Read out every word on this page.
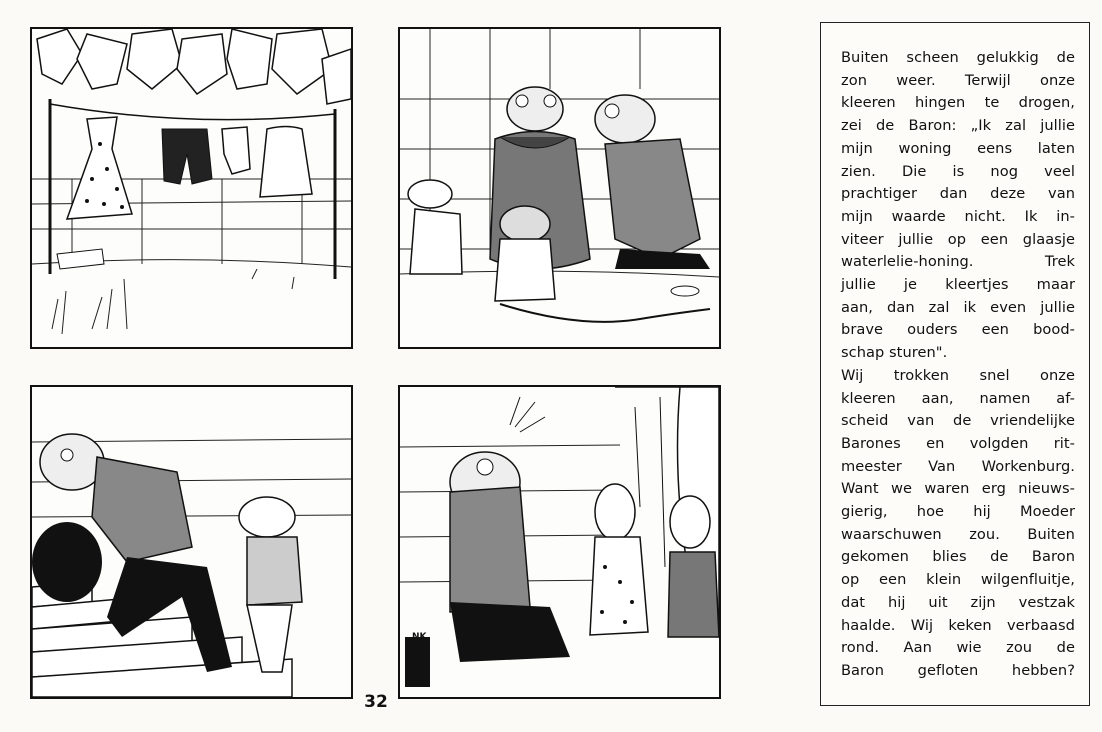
NK
32
Buiten scheen gelukkig de
zon weer. Terwijl onze
kleeren hingen te drogen,
zei de Baron: „Ik zal jullie
mijn woning eens laten
zien. Die is nog veel
prachtiger dan deze van
mijn waarde nicht. Ik in-
viteer jullie op een glaasje
waterlelie-honing. Trek
jullie je kleertjes maar
aan, dan zal ik even jullie
brave ouders een bood-
schap sturen".
Wij trokken snel onze
kleeren aan, namen af-
scheid van de vriendelijke
Barones en volgden rit-
meester Van Workenburg.
Want we waren erg nieuws-
gierig, hoe hij Moeder
waarschuwen zou. Buiten
gekomen blies de Baron
op een klein wilgenfluitje,
dat hij uit zijn vestzak
haalde. Wij keken verbaasd
rond. Aan wie zou de
Baron gefloten hebben?
